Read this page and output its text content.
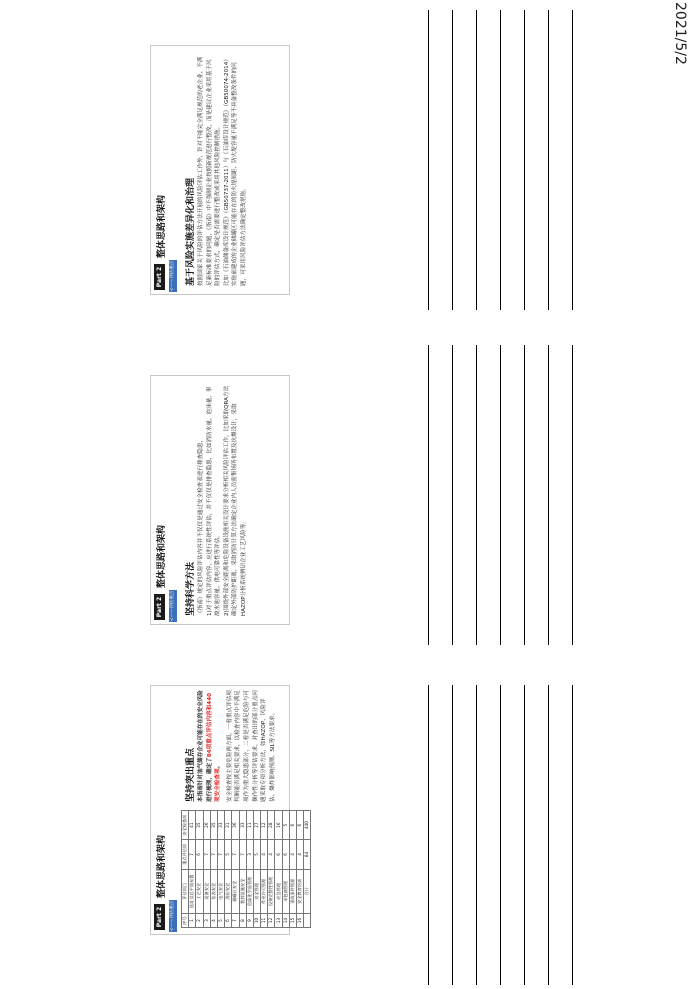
2021/5/2
Part 2
整体思路和架构
<——评估重点	序号	评估项目	重点评估项	安全检查项
1	选址及总平面布置	7	41
2	工艺安全	6	35
3	设备安全	7	26
4	仪表安全	7	35
5	电气安全	7	33
6	消防安全	5	21
7	储罐区安全	7	36
8	装卸设施安全	7	33
9	危险化学品管理	3	11
10	安全管理	5	27
11	作业许可管理	4	12
12	设备完整性管理	4	28
13	应急管理	6	16
14	承包商管理	6	5
15	事故事件管理	4	6
16	安全教育培训	4	6
	合计	84	440
坚持突出重点 本指南针对油气储存企业可能存在的安全风险进行梳理，确定了84项重点评估内容和440项安全检查项。 安全检查按主要危险两方面，一看重点评估项判断能否满足相关要求，以检查内容中不满足项作为重大隐患部分，二看是否满足危险与可操作性分析等评估要求，对查出的部分重点问题采取专项分析方法，如HAZOP、风险评估、爆炸影响预测、SIL等方法要求。

Part 2
整体思路和架构
<——评估重点	坚持科学方法 《指南》规定的风险评估内容并不仅仅是通过安全检查表进行排查隐患， 1)对于重点评估内容，应进行系统性评估，并不仅仅是排查隐患，比如消防水量、泡沫量、事故水池容量、供电可靠性等评估。 2)围绕外部安全距离和危险设备设施相关设计要求分析相关风险评估工作，比如采取QRA方法确定外部防护距离，采取消防计算方法确定企业内人员密集场所布置及抗爆设计，采取HAZOP分析系统辨识企业工艺风险等。

Part 2
整体思路和架构
<——评估重点	基于风险实施差异化和治理 按照国家关于风险的评估方法开展的风险评估工作外，针对不能完全满足规范的老企业、不满足新标准要求的问题，《指南》中不强制企业按照新规范进行整改，而是建议企业采用基于风险的评估方式，确定是否需要进行整改或采用其他风险控制措施。 比如《石油储备库设计规范》（GB50737-2011）与《石油库设计规范》（GB50074-2014）实施前建成的企业储罐区可能存在的防火堤间距、防火堤容量不满足等不具备整改条件的问题，可采用风险评估方法确定整改措施。
